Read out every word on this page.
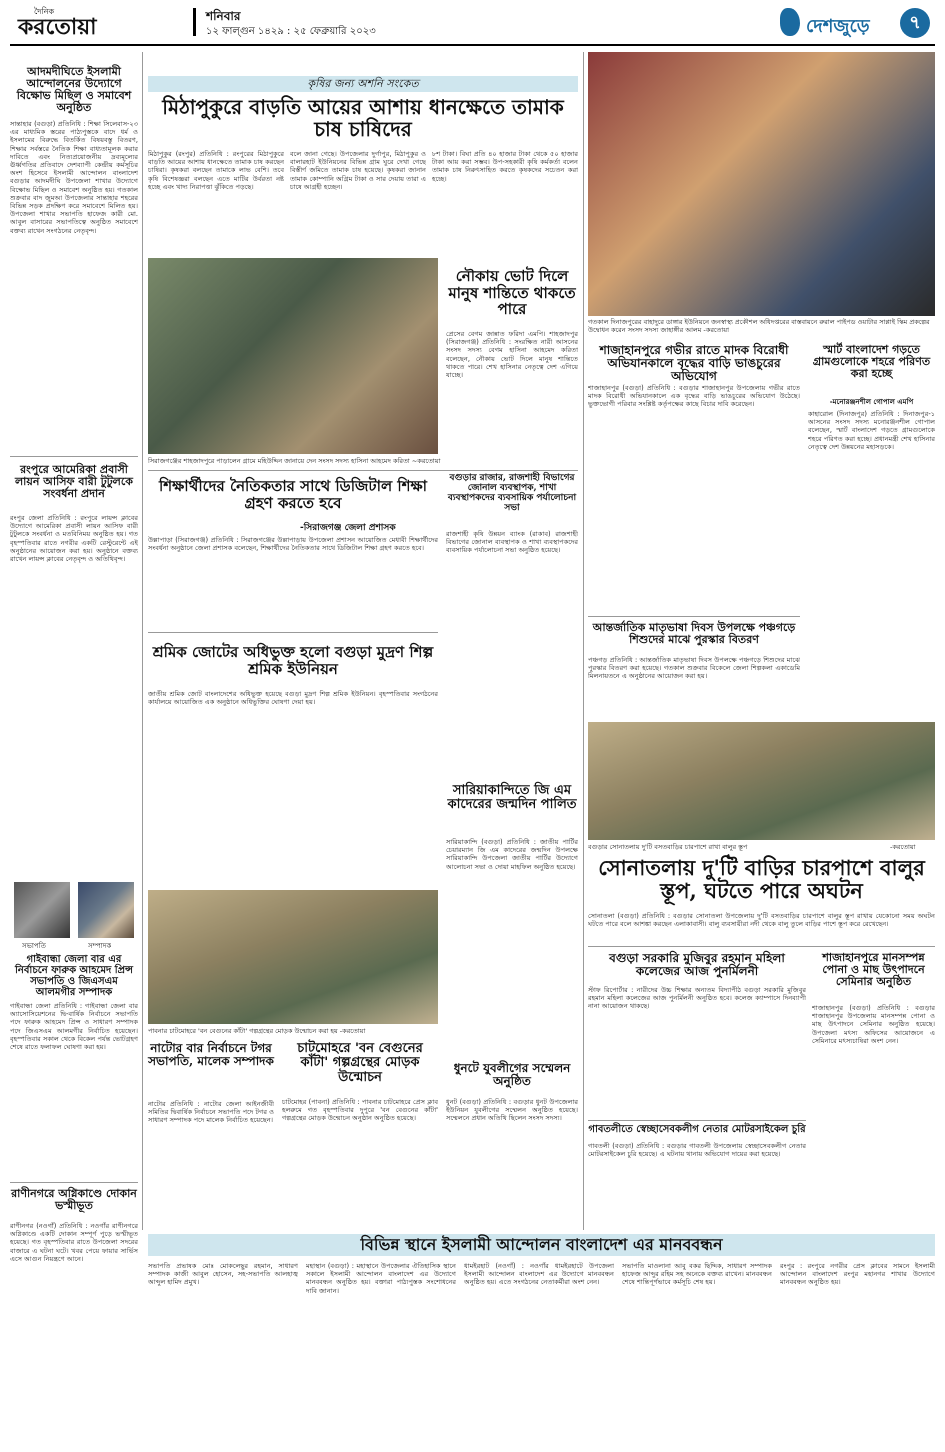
দৈনিক
করতোয়া	শনিবার
১২ ফাল্গুন ১৪২৯ : ২৫ ফেব্রুয়ারি ২০২৩	দেশজুড়ে	৭
আদমদীঘিতে ইসলামী আন্দোলনের উদ্যোগে বিক্ষোভ মিছিল ও সমাবেশ অনুষ্ঠিত
সান্তাহার (বগুড়া) প্রতিনিধি : শিক্ষা সিলেবাস-২৩ এর মাধ্যমিক স্তরের পাঠ্যপুস্তকে বাদে ধর্ম ও ইসলামের বিরুদ্ধে বিতর্কিত বিষয়বস্তু বিতরণ, শিক্ষার সর্বস্তরে নৈতিক শিক্ষা বাধ্যতামূলক করার দাবিতে এবং নিত্যপ্রয়োজনীয় দ্রব্যমূল্যের ঊর্ধ্বগতির প্রতিবাদে দেশব্যাপী কেন্দ্রীয় কর্মসূচির অংশ হিসেবে ইসলামী আন্দোলন বাংলাদেশ বগুড়ার আদমদীঘি উপজেলা শাখার উদ্যোগে বিক্ষোভ মিছিল ও সমাবেশ অনুষ্ঠিত হয়। গতকাল শুক্রবার বাদ জুমআ উপজেলার সান্তাহার শহরের বিভিন্ন সড়ক প্রদক্ষিণ করে সমাবেশে মিলিত হয়। উপজেলা শাখার সভাপতি হাফেজ কারী মো. আবুল বাসারের সভাপতিত্বে অনুষ্ঠিত সমাবেশে বক্তব্য রাখেন সংগঠনের নেতৃবৃন্দ।
রংপুরে আমেরিকা প্রবাসী লায়ন আসিফ বারী টুটুলকে সংবর্ধনা প্রদান
রংপুর জেলা প্রতিনিধি : রংপুরে লায়ন্স ক্লাবের উদ্যোগে আমেরিকা প্রবাসী লায়ন আসিফ বারী টুটুলকে সংবর্ধনা ও মতবিনিময় অনুষ্ঠিত হয়। গত বৃহস্পতিবার রাতে নগরীর একটি রেস্টুরেন্টে এই অনুষ্ঠানের আয়োজন করা হয়। অনুষ্ঠানে বক্তব্য রাখেন লায়ন্স ক্লাবের নেতৃবৃন্দ ও অতিথিবৃন্দ।
সভাপতি	সম্পাদক
গাইবান্ধা জেলা বার এর নির্বাচনে ফারুক আহমেদ প্রিন্স সভাপতি ও জিএসএম আলমগীর সম্পাদক
গাইবান্ধা জেলা প্রতিনিধি : গাইবান্ধা জেলা বার অ্যাসোসিয়েশনের দ্বি-বার্ষিক নির্বাচনে সভাপতি পদে ফারুক আহমেদ প্রিন্স ও সাধারণ সম্পাদক পদে জিএসএম আলমগীর নির্বাচিত হয়েছেন। বৃহস্পতিবার সকাল থেকে বিকেল পর্যন্ত ভোটগ্রহণ শেষে রাতে ফলাফল ঘোষণা করা হয়।
রাণীনগরে অগ্নিকাণ্ডে দোকান ভস্মীভূত
রাণীনগর (নওগাঁ) প্রতিনিধি : নওগাঁর রাণীনগরে অগ্নিকাণ্ডে একটি দোকান সম্পূর্ণ পুড়ে ভস্মীভূত হয়েছে। গত বৃহস্পতিবার রাতে উপজেলা সদরের বাজারে এ ঘটনা ঘটে। খবর পেয়ে ফায়ার সার্ভিস এসে আগুন নিয়ন্ত্রণে আনে।
কৃষির জন্য অশনি সংকেত
মিঠাপুকুরে বাড়তি আয়ের আশায় ধানক্ষেতে তামাক চাষ চাষিদের
মিঠাপুকুর (রংপুর) প্রতিনিধি : রংপুরের মিঠাপুকুরে বাড়তি আয়ের আশায় ধানক্ষেতে তামাক চাষ করছেন চাষিরা। কৃষকরা বলছেন তামাকে লাভ বেশি। তবে কৃষি বিশেষজ্ঞরা বলছেন এতে মাটির উর্বরতা নষ্ট হচ্ছে এবং খাদ্য নিরাপত্তা ঝুঁকিতে পড়ছে।
বলে জানা গেছে। উপজেলার দুর্গাপুর, মিঠাপুকুর ও বালারহাট ইউনিয়নের বিভিন্ন গ্রাম ঘুরে দেখা গেছে বিস্তীর্ণ জমিতে তামাক চাষ হয়েছে। কৃষকরা জানান তামাক কোম্পানি অগ্রিম টাকা ও সার দেয়ায় তারা এ চাষে আগ্রহী হচ্ছেন।
৮শ টাকা। বিঘা প্রতি ৪০ হাজার টাকা থেকে ৫০ হাজার টাকা আয় করা সম্ভব। উপ-সহকারী কৃষি কর্মকর্তা বলেন তামাক চাষ নিরুৎসাহিত করতে কৃষকদের সচেতন করা হচ্ছে।
সিরাজগঞ্জের শাহজাদপুরে পাড়ালেন গ্রামে মহিউদ্দিন জানায়ে দেন সংসদ সদস্য হাসিনা আহমেদ করিতা ~করতোয়া
নৌকায় ভোট দিলে মানুষ শান্তিতে থাকতে পারে
প্রেসের বেগম জান্নাত ফরিদা এমপি। শাহজাদপুর (সিরাজগঞ্জ) প্রতিনিধি : সংরক্ষিত নারী আসনের সংসদ সদস্য বেগম হাসিনা আহমেদ করিতা বলেছেন, নৌকায় ভোট দিলে মানুষ শান্তিতে থাকতে পারে। শেখ হাসিনার নেতৃত্বে দেশ এগিয়ে যাচ্ছে।
শিক্ষার্থীদের নৈতিকতার সাথে ডিজিটাল শিক্ষা গ্রহণ করতে হবে
-সিরাজগঞ্জ জেলা প্রশাসক
উল্লাপাড়া (সিরাজগঞ্জ) প্রতিনিধি : সিরাজগঞ্জের উল্লাপাড়ায় উপজেলা প্রশাসন আয়োজিত মেধাবী শিক্ষার্থীদের সংবর্ধনা অনুষ্ঠানে জেলা প্রশাসক বলেছেন, শিক্ষার্থীদের নৈতিকতার সাথে ডিজিটাল শিক্ষা গ্রহণ করতে হবে।
বগুড়ার রাজার, রাজশাহী বিভাগের জোনাল ব্যবস্থাপক, শাখা ব্যবস্থাপকদের ব্যবসায়িক পর্যালোচনা সভা
রাজশাহী কৃষি উন্নয়ন ব্যাংক (রাকাব) রাজশাহী বিভাগের জোনাল ব্যবস্থাপক ও শাখা ব্যবস্থাপকদের ব্যবসায়িক পর্যালোচনা সভা অনুষ্ঠিত হয়েছে।
শ্রমিক জোটের অধিভুক্ত হলো বগুড়া মুদ্রণ শিল্প শ্রমিক ইউনিয়ন
জাতীয় শ্রমিক জোট বাংলাদেশের অধিভুক্ত হয়েছে বগুড়া মুদ্রণ শিল্প শ্রমিক ইউনিয়ন। বৃহস্পতিবার সংগঠনের কার্যালয়ে আয়োজিত এক অনুষ্ঠানে অধিভুক্তির ঘোষণা দেয়া হয়।
পাবনার চাটমোহরে 'বন বেগুনের কাঁটা' গল্পগ্রন্থের মোড়ক উন্মোচন করা হয় -করতোয়া
সারিয়াকান্দিতে জি এম কাদেরের জন্মদিন পালিত
সারিয়াকান্দি (বগুড়া) প্রতিনিধি : জাতীয় পার্টির চেয়ারম্যান জি এম কাদেরের জন্মদিন উপলক্ষে সারিয়াকান্দি উপজেলা জাতীয় পার্টির উদ্যোগে আলোচনা সভা ও দোয়া মাহফিল অনুষ্ঠিত হয়েছে।
ধুনটে যুবলীগের সম্মেলন অনুষ্ঠিত
ধুনট (বগুড়া) প্রতিনিধি : বগুড়ার ধুনট উপজেলার ইউনিয়ন যুবলীগের সম্মেলন অনুষ্ঠিত হয়েছে। সম্মেলনে প্রধান অতিথি ছিলেন সংসদ সদস্য।
নাটোর বার নির্বাচনে টগর সভাপতি, মালেক সম্পাদক
নাটোর প্রতিনিধি : নাটোর জেলা আইনজীবী সমিতির দ্বিবার্ষিক নির্বাচনে সভাপতি পদে টগর ও সাধারণ সম্পাদক পদে মালেক নির্বাচিত হয়েছেন।
চাটমোহরে 'বন বেগুনের কাঁটা' গল্পগ্রন্থের মোড়ক উন্মোচন
চাটমোহর (পাবনা) প্রতিনিধি : পাবনার চাটমোহরে প্রেস ক্লাব হলরুমে গত বৃহস্পতিবার দুপুরে 'বন বেগুনের কাঁটা' গল্পগ্রন্থের মোড়ক উন্মোচন অনুষ্ঠান অনুষ্ঠিত হয়েছে।
গতকাল দিনাজপুরের বাহাদুরে ডাঙ্গার ইউনিয়নে জনস্বাস্থ্য প্রকৌশল অধিদপ্তরের বাস্তবায়নে রুরাল পাইপড ওয়াটার সাপ্লাই স্কিম প্রকল্পের উদ্বোধন করেন সংসদ সদস্য জাহাঙ্গীর আলম -করতোয়া
শাজাহানপুরে গভীর রাতে মাদক বিরোধী অভিযানকালে বৃদ্ধের বাড়ি ভাঙচুরের অভিযোগ
শাজাহানপুর (বগুড়া) প্রতিনিধি : বগুড়ার শাজাহানপুর উপজেলায় গভীর রাতে মাদক বিরোধী অভিযানকালে এক বৃদ্ধের বাড়ি ভাঙচুরের অভিযোগ উঠেছে। ভুক্তভোগী পরিবার সংশ্লিষ্ট কর্তৃপক্ষের কাছে বিচার দাবি করেছেন।
স্মার্ট বাংলাদেশ গড়তে গ্রামগুলোকে শহরে পরিণত করা হচ্ছে
-মনোরঞ্জনশীল গোপাল এমপি
কাহারোল (দিনাজপুর) প্রতিনিধি : দিনাজপুর-১ আসনের সংসদ সদস্য মনোরঞ্জনশীল গোপাল বলেছেন, স্মার্ট বাংলাদেশ গড়তে গ্রামগুলোকে শহরে পরিণত করা হচ্ছে। প্রধানমন্ত্রী শেখ হাসিনার নেতৃত্বে দেশ উন্নয়নের মহাসড়কে।
আন্তর্জাতিক মাতৃভাষা দিবস উপলক্ষে পঞ্চগড়ে শিশুদের মাঝে পুরস্কার বিতরণ
পঞ্চগড় প্রতিনিধি : আন্তর্জাতিক মাতৃভাষা দিবস উপলক্ষে পঞ্চগড়ে শিশুদের মাঝে পুরস্কার বিতরণ করা হয়েছে। গতকাল শুক্রবার বিকেলে জেলা শিল্পকলা একাডেমি মিলনায়তনে এ অনুষ্ঠানের আয়োজন করা হয়।
বগুড়ার সোনাতলায় দু'টি বসতবাড়ির চারপাশে রাখা বালুর স্তূপ	-করতোয়া
সোনাতলায় দু'টি বাড়ির চারপাশে বালুর স্তূপ, ঘটতে পারে অঘটন
সোনাতলা (বগুড়া) প্রতিনিধি : বগুড়ার সোনাতলা উপজেলায় দু'টি বসতবাড়ির চারপাশে বালুর স্তূপ রাখায় যেকোনো সময় অঘটন ঘটতে পারে বলে আশঙ্কা করছেন এলাকাবাসী। বালু ব্যবসায়ীরা নদী থেকে বালু তুলে বাড়ির পাশে স্তূপ করে রেখেছেন।
বগুড়া সরকারি মুজিবুর রহমান মহিলা কলেজের আজ পুনর্মিলনী
স্টাফ রিপোর্টার : নারীদের উচ্চ শিক্ষার অন্যতম বিদ্যাপীঠ বগুড়া সরকারি মুজিবুর রহমান মহিলা কলেজের আজ পুনর্মিলনী অনুষ্ঠিত হবে। কলেজ ক্যাম্পাসে দিনব্যাপী নানা আয়োজন থাকছে।
শাজাহানপুরে মানসম্পন্ন পোনা ও মাছ উৎপাদনে সেমিনার অনুষ্ঠিত
শাজাহানপুর (বগুড়া) প্রতিনিধি : বগুড়ার শাজাহানপুর উপজেলায় মানসম্পন্ন পোনা ও মাছ উৎপাদনে সেমিনার অনুষ্ঠিত হয়েছে। উপজেলা মৎস্য অফিসের আয়োজনে এ সেমিনারে মৎস্যচাষিরা অংশ নেন।
গাবতলীতে স্বেচ্ছাসেবকলীগ নেতার মোটরসাইকেল চুরি
গাবতলী (বগুড়া) প্রতিনিধি : বগুড়ার গাবতলী উপজেলায় স্বেচ্ছাসেবকলীগ নেতার মোটরসাইকেল চুরি হয়েছে। এ ঘটনায় থানায় অভিযোগ দায়ের করা হয়েছে।
বিভিন্ন স্থানে ইসলামী আন্দোলন বাংলাদেশ এর মানববন্ধন
সভাপতি প্রভাষক মোঃ মোকলেছুর রহমান, সাধারণ সম্পাদক কাজী আবুল হোসেন, সহ-সভাপতি আলহাজ্ব আব্দুল হামিদ প্রমুখ।
মহাস্থান (বগুড়া) : মহাস্থানে উপজেলার ঐতিহাসিক স্থানে সকালে ইসলামী আন্দোলন বাংলাদেশ এর উদ্যোগে মানববন্ধন অনুষ্ঠিত হয়। বক্তারা পাঠ্যপুস্তক সংশোধনের দাবি জানান।
ধামইরহাট (নওগাঁ) : নওগাঁর ধামইরহাটে উপজেলা ইসলামী আন্দোলন বাংলাদেশ এর উদ্যোগে মানববন্ধন অনুষ্ঠিত হয়। এতে সংগঠনের নেতাকর্মীরা অংশ নেন।
সভাপতি মাওলানা আবু বকর ছিদ্দিক, সাধারণ সম্পাদক হাফেজ আব্দুর রহিম সহ অনেকে বক্তব্য রাখেন। মানববন্ধন শেষে শান্তিপূর্ণভাবে কর্মসূচি শেষ হয়।
রংপুর : রংপুরে নগরীর প্রেস ক্লাবের সামনে ইসলামী আন্দোলন বাংলাদেশ রংপুর মহানগর শাখার উদ্যোগে মানববন্ধন অনুষ্ঠিত হয়।
